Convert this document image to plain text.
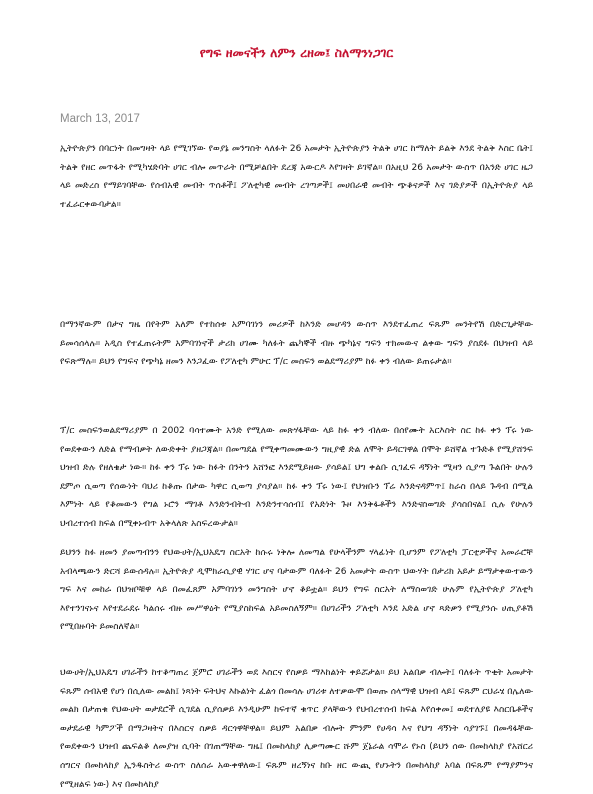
የግፍ ዘመናችን ለምን ረዘመ፤ ስለማንነጋገር
March 13, 2017

ኢትዮጵያን በባርነት በመግዛት ላይ የሚገኘው የወያኔ መንግስት ላለፉት 26 አመታት ኢትዮጵያን ትልቅ ሀገር ከማለት ይልቅ እንደ ትልቅ እስር ቤት፤ ትልቅ የዘር መጥፋት የሚካሄድባት ሀገር ብሎ መጥራት በሚቻልበት ደረጃ አውርዶ እየገዛት ይገኛል። በአዚህ 26 አመታት ውስጥ በአንድ ሀገር ዜጋ ላይ መድረስ የማይገባቸው የሰብአዊ መብት ጥሰቶች፤ ፖለቲካዊ መብት ረገጣዎች፤ መሀበራዊ መብት ጭቆናዎች እና ገድያዎች በኢትዮጵያ ላይ ተፈራርቀውባታል።

በማንኛውም በታና ግዜ በየትም አለም የተከሰቱ አምባገነን መሪዎች ከእንድ መሆዳን ውስጥ እንደተፈጠረ ፍጹም መንትየሽ በድርጊታቸው ይመሳሰላሉ። አዲስ የተፈጠሩትም አምባገነኖች ታሪክ ሀገሙ ካለፉት ጨካኞች ብዙ ጭካኔና ግፍን ተክመውና ልቀው ግፍን ያስደፉ በህዝብ ላይ የፍጽማሉ። ይህን የግፍና የጭካኔ ዘመን እንጋፈው የፖለቲካ ምሁር ፕ/ር መስፍን ወልደማሪያም ከፉ ቀን ብለው ይጠሩታል።

ፕ/ር መስፍንወልደማሪያም በ 2002 ባሳተሙት አንድ የሚለው መጽሃፋቸው ላይ ከፉ ቀን ብለው በሰየሙት አርእስት ስር ከፉ ቀን ፕሩ ነው የወደቀውን ለድል የማብቃት ለውድቀት ያዘጋጃል። በመጣደል የሚቀጣመሙውን ግዚያዊ ድል ለሞት ይዳርገዋል በሞት ይሸኛል ተጉድቶ የሚያሸንፍ ህዝብ ድሉ የዘለቄታ ነው። ከፉ ቀን ፕሩ ነው ከፉት በንትን አሸንፎ እንደሚይዘው ያሳይል፤ ህግ ቀልቡ ሲገፈፍ ዳኝነት ሚዛን ሲያጣ ጉልበት ሁሉን ደምጦ ሲወጣ የሰውነት ባህሪ ከቆጡ በታው ካዋር ሲወጣ ያሳያል። ከፉ ቀን ፕሩ ነው፤ የህዝቡን ፕሬ እንድናዳምጥ፤ ከራስ በላይ ጉዳብ በሚል እምነት ላይ የቆመውን የግል ኑሮን ማገቶ እንድንብትብ እንድንተሳሰብ፤ የአድነት ጉዞ እንቅፋቶችን እንድናስወግድ ያሳስበናል፤ ሲሉ የሁሉን ህብረተሰብ ክፍል በሚቀኑብጥ አቅላለጽ አስፍረውታል።

ይህንን ከፉ ዘመን ያመጣብንን የህውሀት/ኢህአዴግ ስርአት ከሱሩ ነቅሎ ለመጣል የሁላችንም ሃላፊነት ቢሆንም የፖለቲካ ፓርቲዎችና አመራሮቸ አብላጫውን ድርሻ ይውሰዳሉ። ኢትዮጵያ ዲሞክራሲያዊ ሃገር ሆና ባታውም ባለፉት 26 አመታት ውስጥ ህውሃት በታሪክ አይታ ይማታቀውተውን ግፍ እና መከራ በህዝቦቹዋ ላይ በመፈጸም አምባገነን መንግስት ሆኖ ቆይቷል። ይህን የግፍ ስርአት ለማስወገድ ሁሉም የኢትዮጵያ ፖለቲካ እየተንገናኑና እየተደራደሩ ካልሰሩ ብዙ መሥዋዕት የሚያስከፍል አይመስለኝም። በሀገሪችን ፖለቲካ እንደ አድል ሆኖ ጻድቃን የሚያንሱ ሀጢያቶሽ የሚበዙባት ይመስለኛል።

ህውሀት/ኢህአዴግ ሀገራችን ከተቆጣጠረ ጀምሮ ሀገራችን ወደ እስርና የስቃይ ማእከልነት ቀይሯታል። ይህ አልበቃ ብሎት፤ ባለፉት ጥቂት አመታት ፍጹም ሰብአዊ የሆነ በሲለው መልክ፤ ነጻነት ፍትህና እኩልነት ፈልጎ በመሳሉ ሀገሪቱ ለተቃውሞ በወጡ ሰላማዊ ህዝብ ላይ፤ ፍጹም ርህራሄ በሌለው መልክ በታጠቁ የህውሀት ወታደሮች ሲገደል ሲያሰቃይ እንዲሁም ከፍተኛ ቁጥር ያላቸውን የህብረተሰብ ክፍል እየሰቀመ፤ ወደተለያዩ እስርቤቶችና ወታደራዊ ካምፖች በማጋዛትና በእስርና ስቃይ ዳርጎዋቸዋል። ይህም አልበቃ ብሎት ምንም የሀዳሳ እና የህግ ዳኝነት ሳያገኙ፤ በመዳፋቸው የወደቀውን ህዝብ ጨፍልቆ ለመያዝ ሲባት በገጠማቸው ግዜ፤ በመከላከያ ሊቃጣሙር ሹም ጀኔራል ሳሞራ የኑስ (ይህን ሰው በመከላከያ የአሸርሪ ሰግርና በመከላከያ ኢንዱስትሪ ውስጥ ስለሰራ አውቀዋለው፤ ፍጹም ዘረኝነና ከቡ ዘር ውጪ የሆኑትን በመከላከያ አባል በፍጹም የማያምንና የሚዘልፍ ነው) እና በመከላከያ
